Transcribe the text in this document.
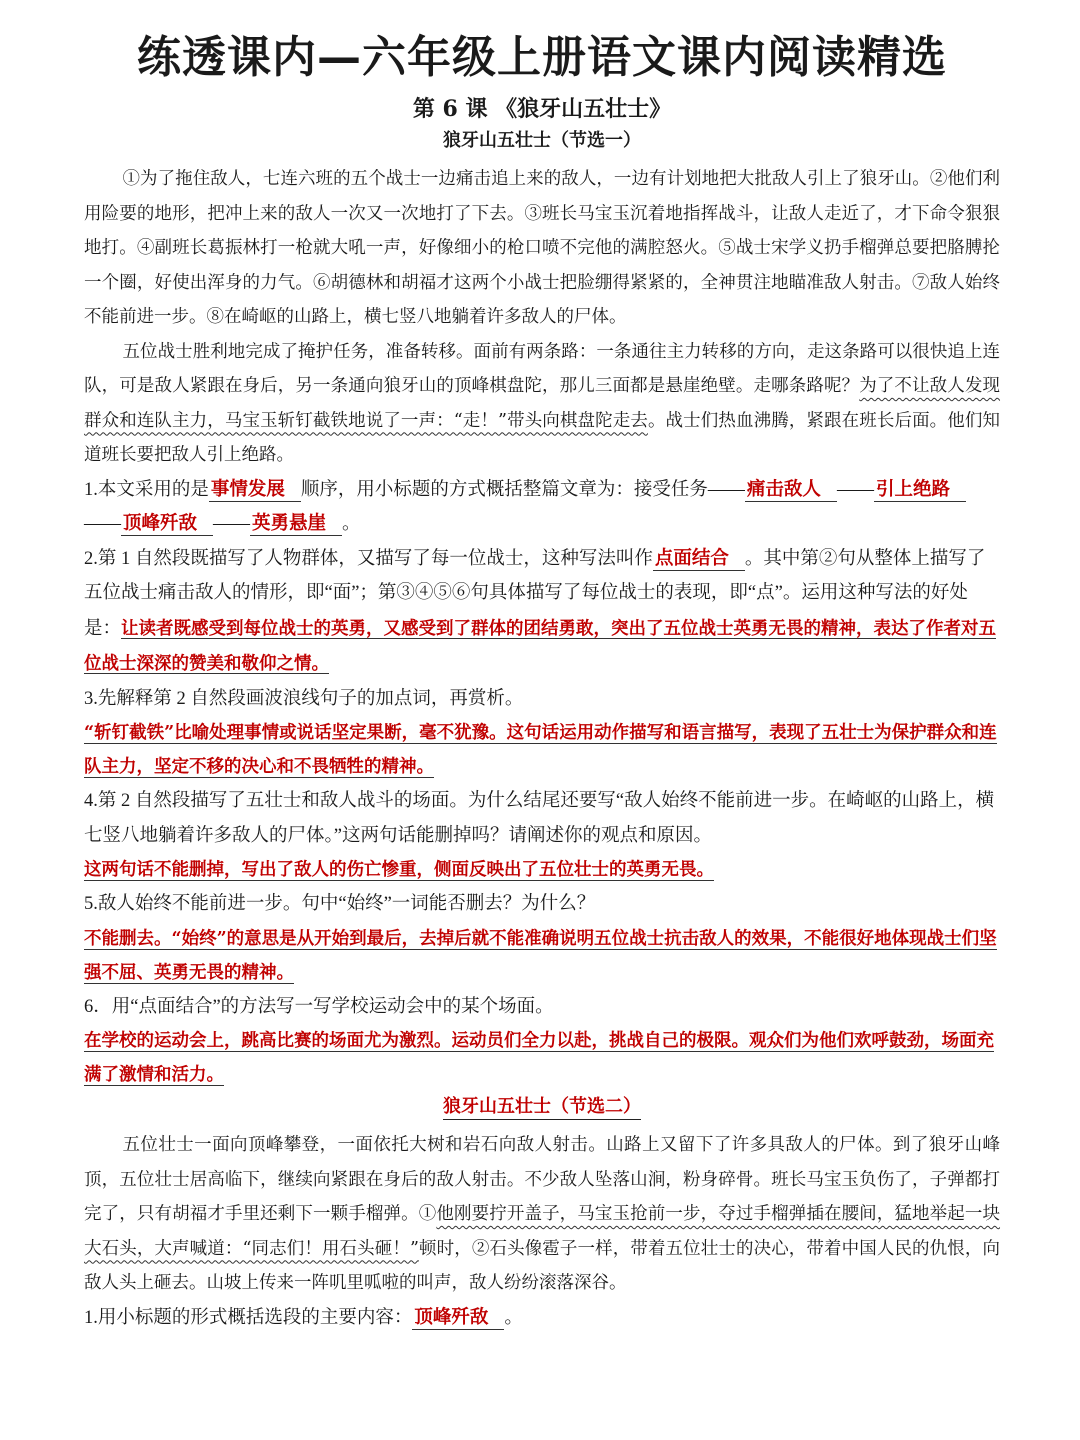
练透课内—六年级上册语文课内阅读精选
第 6 课 《狼牙山五壮士》
狼牙山五壮士（节选一）

①为了拖住敌人，七连六班的五个战士一边痛击追上来的敌人，一边有计划地把大批敌人引上了狼牙山。②他们利用险要的地形，把冲上来的敌人一次又一次地打了下去。③班长马宝玉沉着地指挥战斗，让敌人走近了，才下命令狠狠地打。④副班长葛振林打一枪就大吼一声，好像细小的枪口喷不完他的满腔怒火。⑤战士宋学义扔手榴弹总要把胳膊抡一个圈，好使出浑身的力气。⑥胡德林和胡福才这两个小战士把脸绷得紧紧的，全神贯注地瞄准敌人射击。⑦敌人始终不能前进一步。⑧在崎岖的山路上，横七竖八地躺着许多敌人的尸体。

五位战士胜利地完成了掩护任务，准备转移。面前有两条路：一条通往主力转移的方向，走这条路可以很快追上连队，可是敌人紧跟在身后，另一条通向狼牙山的顶峰棋盘陀，那儿三面都是悬崖绝壁。走哪条路呢？为了不让敌人发现群众和连队主力，马宝玉斩钉截铁地说了一声：“走！”带头向棋盘陀走去。战士们热血沸腾，紧跟在班长后面。他们知道班长要把敌人引上绝路。

1.本文采用的是 事情发展 顺序，用小标题的方式概括整篇文章为：接受任务—— 痛击敌人 —— 引上绝路—— 顶峰歼敌 —— 英勇悬崖 。

2.第 1 自然段既描写了人物群体，又描写了每一位战士，这种写法叫作 点面结合 。其中第②句从整体上描写了五位战士痛击敌人的情形，即“面”；第③④⑤⑥句具体描写了每位战士的表现，即“点”。运用这种写法的好处是：让读者既感受到每位战士的英勇，又感受到了群体的团结勇敢，突出了五位战士英勇无畏的精神，表达了作者对五位战士深深的赞美和敬仰之情。

3.先解释第 2 自然段画波浪线句子的加点词，再赏析。

“斩钉截铁”比喻处理事情或说话坚定果断，毫不犹豫。这句话运用动作描写和语言描写，表现了五壮士为保护群众和连队主力，坚定不移的决心和不畏牺牲的精神。

4.第 2 自然段描写了五壮士和敌人战斗的场面。为什么结尾还要写“敌人始终不能前进一步。在崎岖的山路上，横七竖八地躺着许多敌人的尸体。”这两句话能删掉吗？请阐述你的观点和原因。

这两句话不能删掉，写出了敌人的伤亡惨重，侧面反映出了五位壮士的英勇无畏。

5.敌人始终不能前进一步。句中“始终”一词能否删去？为什么？

不能删去。“始终”的意思是从开始到最后，去掉后就不能准确说明五位战士抗击敌人的效果，不能很好地体现战士们坚强不屈、英勇无畏的精神。

6．用“点面结合”的方法写一写学校运动会中的某个场面。

在学校的运动会上，跳高比赛的场面尤为激烈。运动员们全力以赴，挑战自己的极限。观众们为他们欢呼鼓劲，场面充满了激情和活力。

狼牙山五壮士（节选二）

五位壮士一面向顶峰攀登，一面依托大树和岩石向敌人射击。山路上又留下了许多具敌人的尸体。到了狼牙山峰顶，五位壮士居高临下，继续向紧跟在身后的敌人射击。不少敌人坠落山涧，粉身碎骨。班长马宝玉负伤了，子弹都打完了，只有胡福才手里还剩下一颗手榴弹。①他刚要拧开盖子，马宝玉抢前一步，夺过手榴弹插在腰间，猛地举起一块大石头，大声喊道：“同志们！用石头砸！”顿时，②石头像雹子一样，带着五位壮士的决心，带着中国人民的仇恨，向敌人头上砸去。山坡上传来一阵叽里呱啦的叫声，敌人纷纷滚落深谷。

1.用小标题的形式概括选段的主要内容： 顶峰歼敌 。
